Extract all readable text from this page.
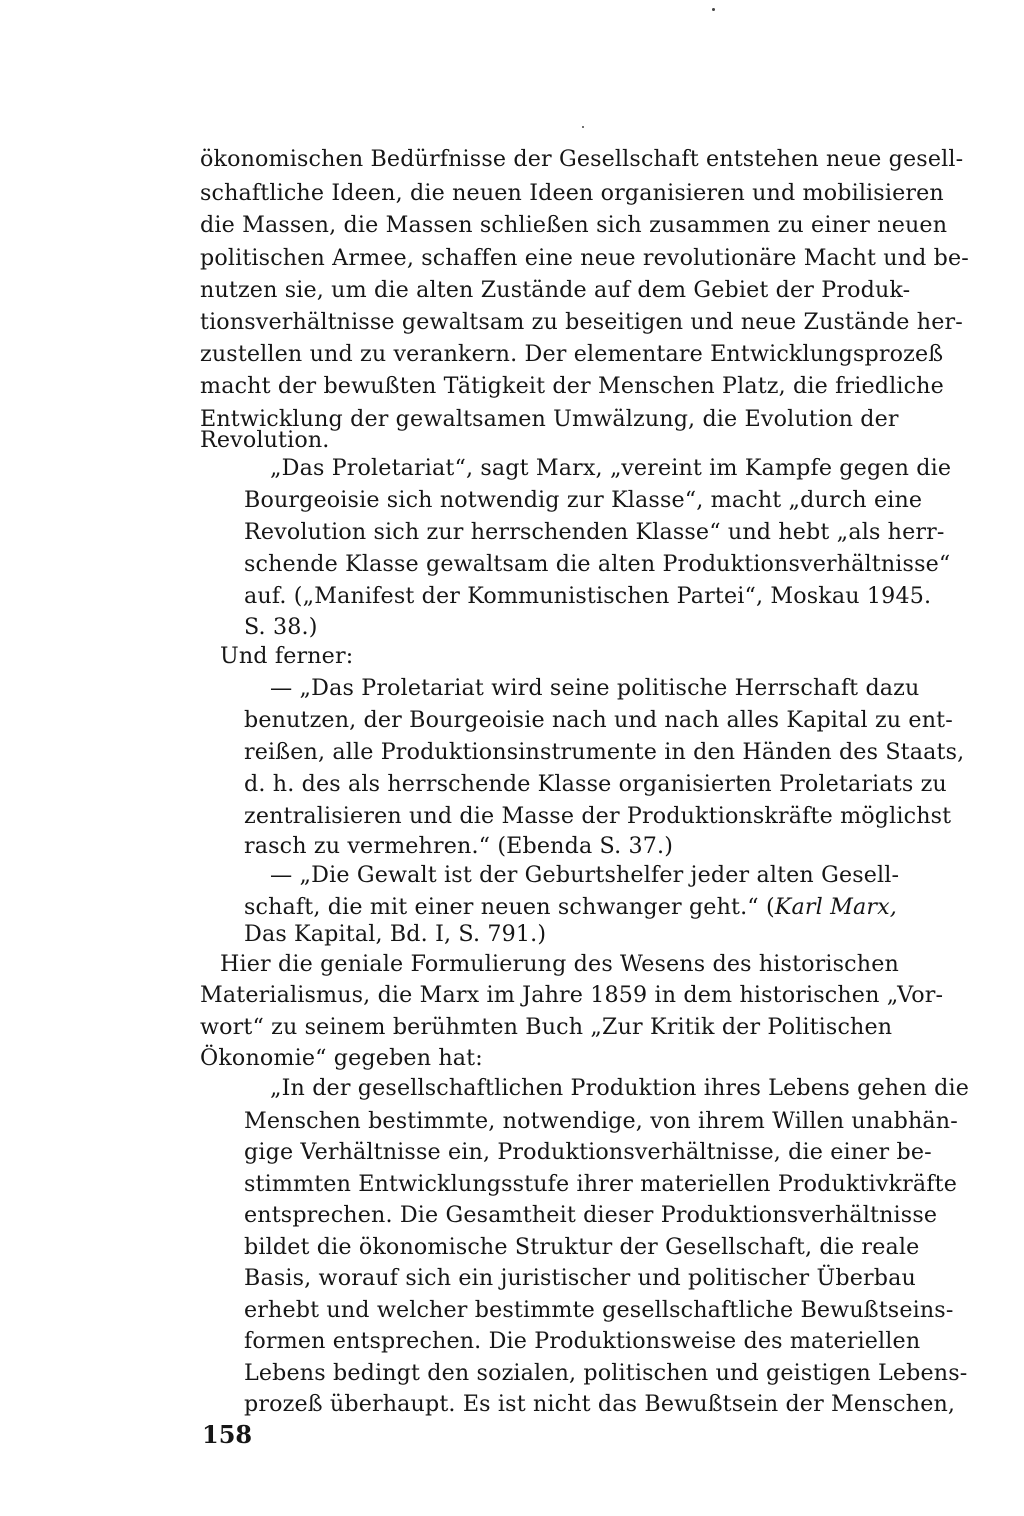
ökonomischen Bedürfnisse der Gesellschaft entstehen neue gesell-
schaftliche Ideen, die neuen Ideen organisieren und mobilisieren
die Massen, die Massen schließen sich zusammen zu einer neuen
politischen Armee, schaffen eine neue revolutionäre Macht und be-
nutzen sie, um die alten Zustände auf dem Gebiet der Produk-
tionsverhältnisse gewaltsam zu beseitigen und neue Zustände her-
zustellen und zu verankern. Der elementare Entwicklungsprozeß
macht der bewußten Tätigkeit der Menschen Platz, die friedliche
Entwicklung der gewaltsamen Umwälzung, die Evolution der
Revolution.
„Das Proletariat“, sagt Marx, „vereint im Kampfe gegen die
Bourgeoisie sich notwendig zur Klasse“, macht „durch eine
Revolution sich zur herrschenden Klasse“ und hebt „als herr-
schende Klasse gewaltsam die alten Produktionsverhältnisse“
auf. („Manifest der Kommunistischen Partei“, Moskau 1945.
S. 38.)
Und ferner:
— „Das Proletariat wird seine politische Herrschaft dazu
benutzen, der Bourgeoisie nach und nach alles Kapital zu ent-
reißen, alle Produktionsinstrumente in den Händen des Staats,
d. h. des als herrschende Klasse organisierten Proletariats zu
zentralisieren und die Masse der Produktionskräfte möglichst
rasch zu vermehren.“ (Ebenda S. 37.)
— „Die Gewalt ist der Geburtshelfer jeder alten Gesell-
schaft, die mit einer neuen schwanger geht.“ (Karl Marx,
Das Kapital, Bd. I, S. 791.)
Hier die geniale Formulierung des Wesens des historischen
Materialismus, die Marx im Jahre 1859 in dem historischen „Vor-
wort“ zu seinem berühmten Buch „Zur Kritik der Politischen
Ökonomie“ gegeben hat:
„In der gesellschaftlichen Produktion ihres Lebens gehen die
Menschen bestimmte, notwendige, von ihrem Willen unabhän-
gige Verhältnisse ein, Produktionsverhältnisse, die einer be-
stimmten Entwicklungsstufe ihrer materiellen Produktivkräfte
entsprechen. Die Gesamtheit dieser Produktionsverhältnisse
bildet die ökonomische Struktur der Gesellschaft, die reale
Basis, worauf sich ein juristischer und politischer Überbau
erhebt und welcher bestimmte gesellschaftliche Bewußtseins-
formen entsprechen. Die Produktionsweise des materiellen
Lebens bedingt den sozialen, politischen und geistigen Lebens-
prozeß überhaupt. Es ist nicht das Bewußtsein der Menschen,
158
